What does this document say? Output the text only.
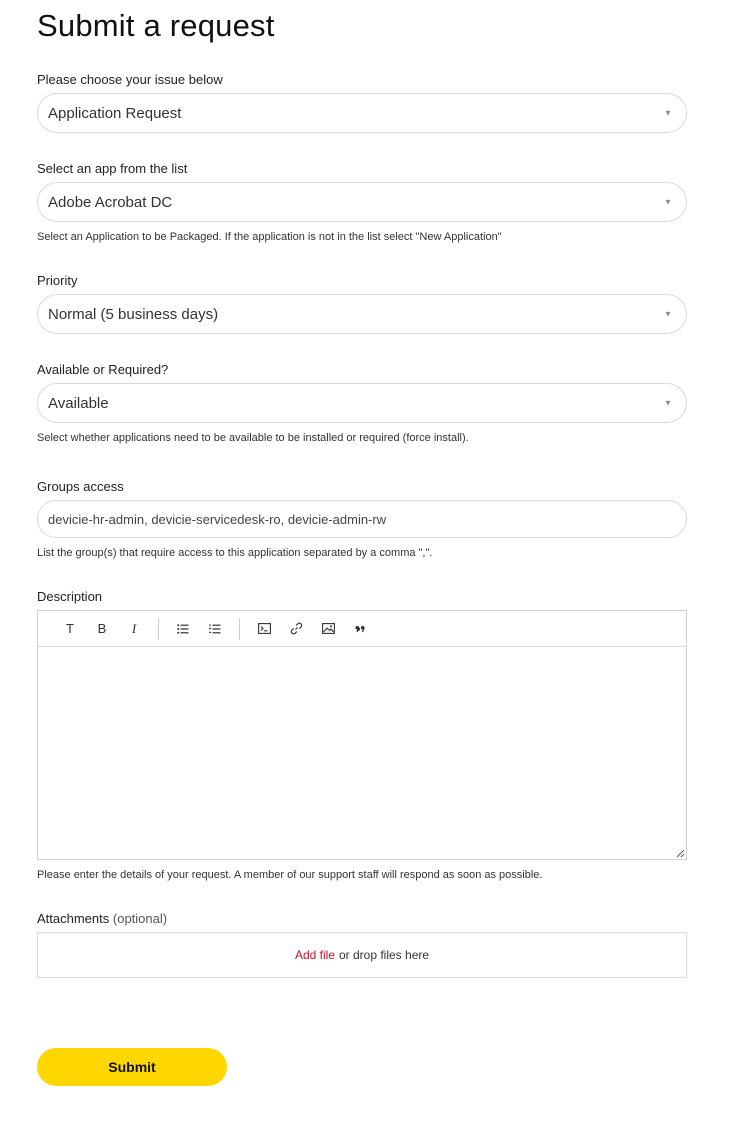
Submit a request
Please choose your issue below
Application Request	▼
Select an app from the list
Adobe Acrobat DC	▼
Select an Application to be Packaged. If the application is not in the list select "New Application"
Priority
Normal (5 business days)	▼
Available or Required?
Available	▼
Select whether applications need to be available to be installed or required (force install).
Groups access
devicie-hr-admin, devicie-servicedesk-ro, devicie-admin-rw
List the group(s) that require access to this application separated by a comma ",".
Description
T	B	I
Please enter the details of your request. A member of our support staff will respond as soon as possible.
Attachments (optional)
Add file or drop files here
Submit
